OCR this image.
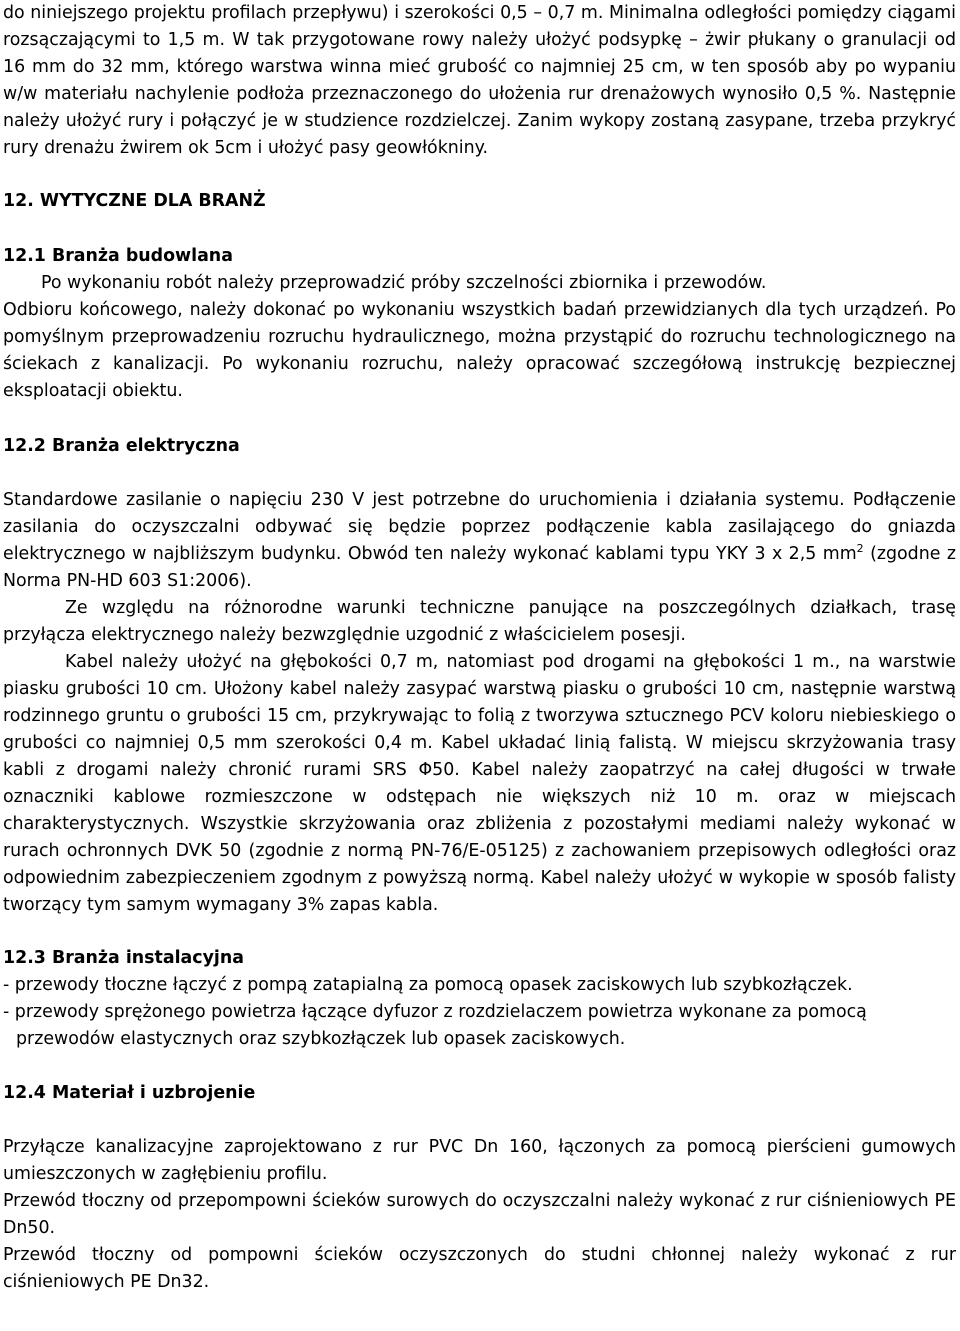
do niniejszego projektu profilach przepływu) i szerokości 0,5 – 0,7 m. Minimalna odległości pomiędzy ciągami rozsączającymi to 1,5 m. W tak przygotowane rowy należy ułożyć podsypkę – żwir płukany o granulacji od 16 mm do 32 mm, którego warstwa winna mieć grubość co najmniej 25 cm, w ten sposób aby po wypaniu w/w materiału nachylenie podłoża przeznaczonego do ułożenia rur drenażowych wynosiło 0,5 %. Następnie należy ułożyć rury i połączyć je w studzience rozdzielczej. Zanim wykopy zostaną zasypane, trzeba przykryć rury drenażu żwirem ok 5cm i ułożyć pasy geowłókniny.

12. WYTYCZNE DLA BRANŻ

12.1 Branża budowlana

Po wykonaniu robót należy przeprowadzić próby szczelności zbiornika i przewodów.

Odbioru końcowego, należy dokonać po wykonaniu wszystkich badań przewidzianych dla tych urządzeń. Po pomyślnym przeprowadzeniu rozruchu hydraulicznego, można przystąpić do rozruchu technologicznego na ściekach z kanalizacji. Po wykonaniu rozruchu, należy opracować szczegółową instrukcję bezpiecznej eksploatacji obiektu.

12.2 Branża elektryczna

Standardowe zasilanie o napięciu 230 V jest potrzebne do uruchomienia i działania systemu. Podłączenie zasilania do oczyszczalni odbywać się będzie poprzez podłączenie kabla zasilającego do gniazda elektrycznego w najbliższym budynku. Obwód ten należy wykonać kablami typu YKY 3 x 2,5 $mm^2$ (zgodne z Norma PN-HD 603 S1:2006).

Ze względu na różnorodne warunki techniczne panujące na poszczególnych działkach, trasę przyłącza elektrycznego należy bezwzględnie uzgodnić z właścicielem posesji.

Kabel należy ułożyć na głębokości 0,7 m, natomiast pod drogami na głębokości 1 m., na warstwie piasku grubości 10 cm. Ułożony kabel należy zasypać warstwą piasku o grubości 10 cm, następnie warstwą rodzinnego gruntu o grubości 15 cm, przykrywając to folią z tworzywa sztucznego PCV koloru niebieskiego o grubości co najmniej 0,5 mm szerokości 0,4 m. Kabel układać linią falistą. W miejscu skrzyżowania trasy kabli z drogami należy chronić rurami SRS Φ50. Kabel należy zaopatrzyć na całej długości w trwałe oznaczniki kablowe rozmieszczone w odstępach nie większych niż 10 m. oraz w miejscach charakterystycznych. Wszystkie skrzyżowania oraz zbliżenia z pozostałymi mediami należy wykonać w rurach ochronnych DVK 50 (zgodnie z normą PN-76/E-05125) z zachowaniem przepisowych odległości oraz odpowiednim zabezpieczeniem zgodnym z powyższą normą. Kabel należy ułożyć w wykopie w sposób falisty tworzący tym samym wymagany 3% zapas kabla.

12.3 Branża instalacyjna

- przewody tłoczne łączyć z pompą zatapialną za pomocą opasek zaciskowych lub szybkozłączek.

- przewody sprężonego powietrza łączące dyfuzor z rozdzielaczem powietrza wykonane za pomocą
przewodów elastycznych oraz szybkozłączek lub opasek zaciskowych.

12.4 Materiał i uzbrojenie

Przyłącze kanalizacyjne zaprojektowano z rur PVC Dn 160, łączonych za pomocą pierścieni gumowych umieszczonych w zagłębieniu profilu.

Przewód tłoczny od przepompowni ścieków surowych do oczyszczalni należy wykonać z rur ciśnieniowych PE Dn50.

Przewód tłoczny od pompowni ścieków oczyszczonych do studni chłonnej należy wykonać z rur ciśnieniowych PE Dn32.
